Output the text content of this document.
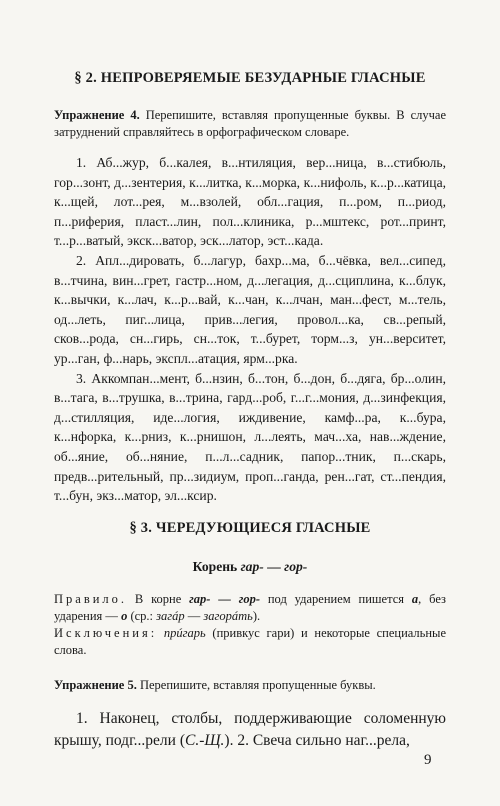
§ 2. НЕПРОВЕРЯЕМЫЕ БЕЗУДАРНЫЕ ГЛАСНЫЕ

Упражнение 4. Перепишите, вставляя пропущенные буквы. В случае затруднений справляйтесь в орфографическом словаре.

1. Аб...жур, б...калея, в...нтиляция, вер...ница, в...стибюль, гор...зонт, д...зентерия, к...литка, к...морка, к...нифоль, к...р...катица, к...щей, лот...рея, м...взолей, обл...гация, п...ром, п...риод, п...риферия, пласт...лин, пол...клиника, р...мштекс, рот...принт, т...р...ватый, экск...ватор, эск...латор, эст...када.

2. Апл...дировать, б...лагур, бахр...ма, б...чёвка, вел...сипед, в...тчина, вин...грет, гастр...ном, д...легация, д...сциплина, к...блук, к...вычки, к...лач, к...р...вай, к...чан, к...лчан, ман...фест, м...тель, од...леть, пиг...лица, прив...легия, провол...ка, св...репый, сков...рода, сн...гирь, сн...ток, т...бурет, торм...з, ун...верситет, ур...ган, ф...нарь, экспл...атация, ярм...рка.

3. Аккомпан...мент, б...нзин, б...тон, б...дон, б...дяга, бр...олин, в...тага, в...трушка, в...трина, гард...роб, г...г...мония, д...зинфекция, д...стилляция, иде...логия, иждивение, камф...ра, к...бура, к...нфорка, к...рниз, к...рнишон, л...леять, мач...ха, нав...ждение, об...яние, об...няние, п...л...садник, папор...тник, п...скарь, предв...рительный, пр...зидиум, проп...ганда, рен...гат, ст...пендия, т...бун, экз...матор, эл...ксир.

§ 3. ЧЕРЕДУЮЩИЕСЯ ГЛАСНЫЕ
Корень гар- — гор-

Правило. В корне гар- — гор- под ударением пишется а, без ударения — о (ср.: загáр — загорáть).

Исключения: прúгарь (привкус гари) и некоторые специальные слова.

Упражнение 5. Перепишите, вставляя пропущенные буквы.

1. Наконец, столбы, поддерживающие соломенную крышу, подг...рели (С.-Щ.). 2. Свеча сильно наг...рела,

9
